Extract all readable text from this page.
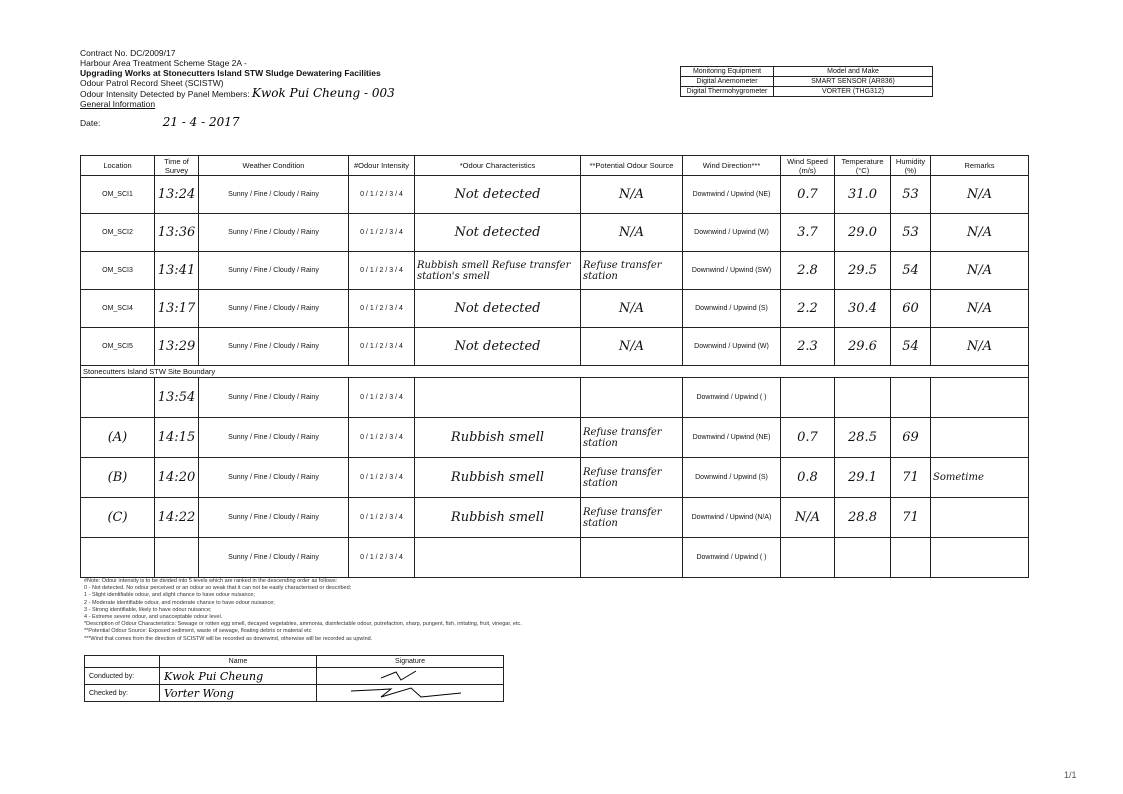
Contract No. DC/2009/17
Harbour Area Treatment Scheme Stage 2A -
Upgrading Works at Stonecutters Island STW Sludge Dewatering Facilities
Odour Patrol Record Sheet (SCISTW)
Odour Intensity Detected by Panel Members: Kwok Pui Cheung - 003
General Information
Date:	21 - 4 - 2017
Monitoring Equipment	Model and Make
Digital Anemometer	SMART SENSOR (AR836)
Digital Thermohygrometer	VORTER (THG312)
Location	Time of Survey	Weather Condition	#Odour Intensity	*Odour Characteristics	**Potential Odour Source	Wind Direction***	Wind Speed (m/s)	Temperature (°C)	Humidity (%)	Remarks
OM_SCI1	13:24	Sunny / Fine / Cloudy / Rainy	0 / 1 / 2 / 3 / 4	Not detected	N/A	Downwind / Upwind (NE)	0.7	31.0	53	N/A
OM_SCI2	13:36	Sunny / Fine / Cloudy / Rainy	0 / 1 / 2 / 3 / 4	Not detected	N/A	Downwind / Upwind (W)	3.7	29.0	53	N/A
OM_SCI3	13:41	Sunny / Fine / Cloudy / Rainy	0 / 1 / 2 / 3 / 4	Rubbish smell Refuse transfer station's smell	Refuse transfer station	Downwind / Upwind (SW)	2.8	29.5	54	N/A
OM_SCI4	13:17	Sunny / Fine / Cloudy / Rainy	0 / 1 / 2 / 3 / 4	Not detected	N/A	Downwind / Upwind (S)	2.2	30.4	60	N/A
OM_SCI5	13:29	Sunny / Fine / Cloudy / Rainy	0 / 1 / 2 / 3 / 4	Not detected	N/A	Downwind / Upwind (W)	2.3	29.6	54	N/A
Stonecutters Island STW Site Boundary										
	13:54	Sunny / Fine / Cloudy / Rainy	0 / 1 / 2 / 3 / 4			Downwind / Upwind ( )				
(A)	14:15	Sunny / Fine / Cloudy / Rainy	0 / 1 / 2 / 3 / 4	Rubbish smell	Refuse transfer station	Downwind / Upwind (NE)	0.7	28.5	69	
(B)	14:20	Sunny / Fine / Cloudy / Rainy	0 / 1 / 2 / 3 / 4	Rubbish smell	Refuse transfer station	Downwind / Upwind (S)	0.8	29.1	71	Sometime
(C)	14:22	Sunny / Fine / Cloudy / Rainy	0 / 1 / 2 / 3 / 4	Rubbish smell	Refuse transfer station	Downwind / Upwind (N/A)	N/A	28.8	71	
		Sunny / Fine / Cloudy / Rainy	0 / 1 / 2 / 3 / 4			Downwind / Upwind ( )				
#Note: Odour intensity is to be divided into 5 levels which are ranked in the descending order as follows:
0 - Not detected. No odour perceived or an odour so weak that it can not be easily characterised or described;
1 - Slight identifiable odour, and slight chance to have odour nuisance;
2 - Moderate identifiable odour, and moderate chance to have odour nuisance;
3 - Strong identifiable, likely to have odour nuisance;
4 - Extreme severe odour, and unacceptable odour level.
*Description of Odour Characteristics: Sewage or rotten egg smell, decayed vegetables, ammonia, disinfectable odour, putrefaction, sharp, pungent, fish, irritating, fruit, vinegar, etc.
**Potential Odour Source: Exposed sediment, waste of sewage, floating debris or material etc
***Wind that comes from the direction of SCISTW will be recorded as downwind, otherwise will be recorded as upwind.
	Name	Signature
Conducted by:	Kwok Pui Cheung	
Checked by:	Vorter Wong	
1/1
